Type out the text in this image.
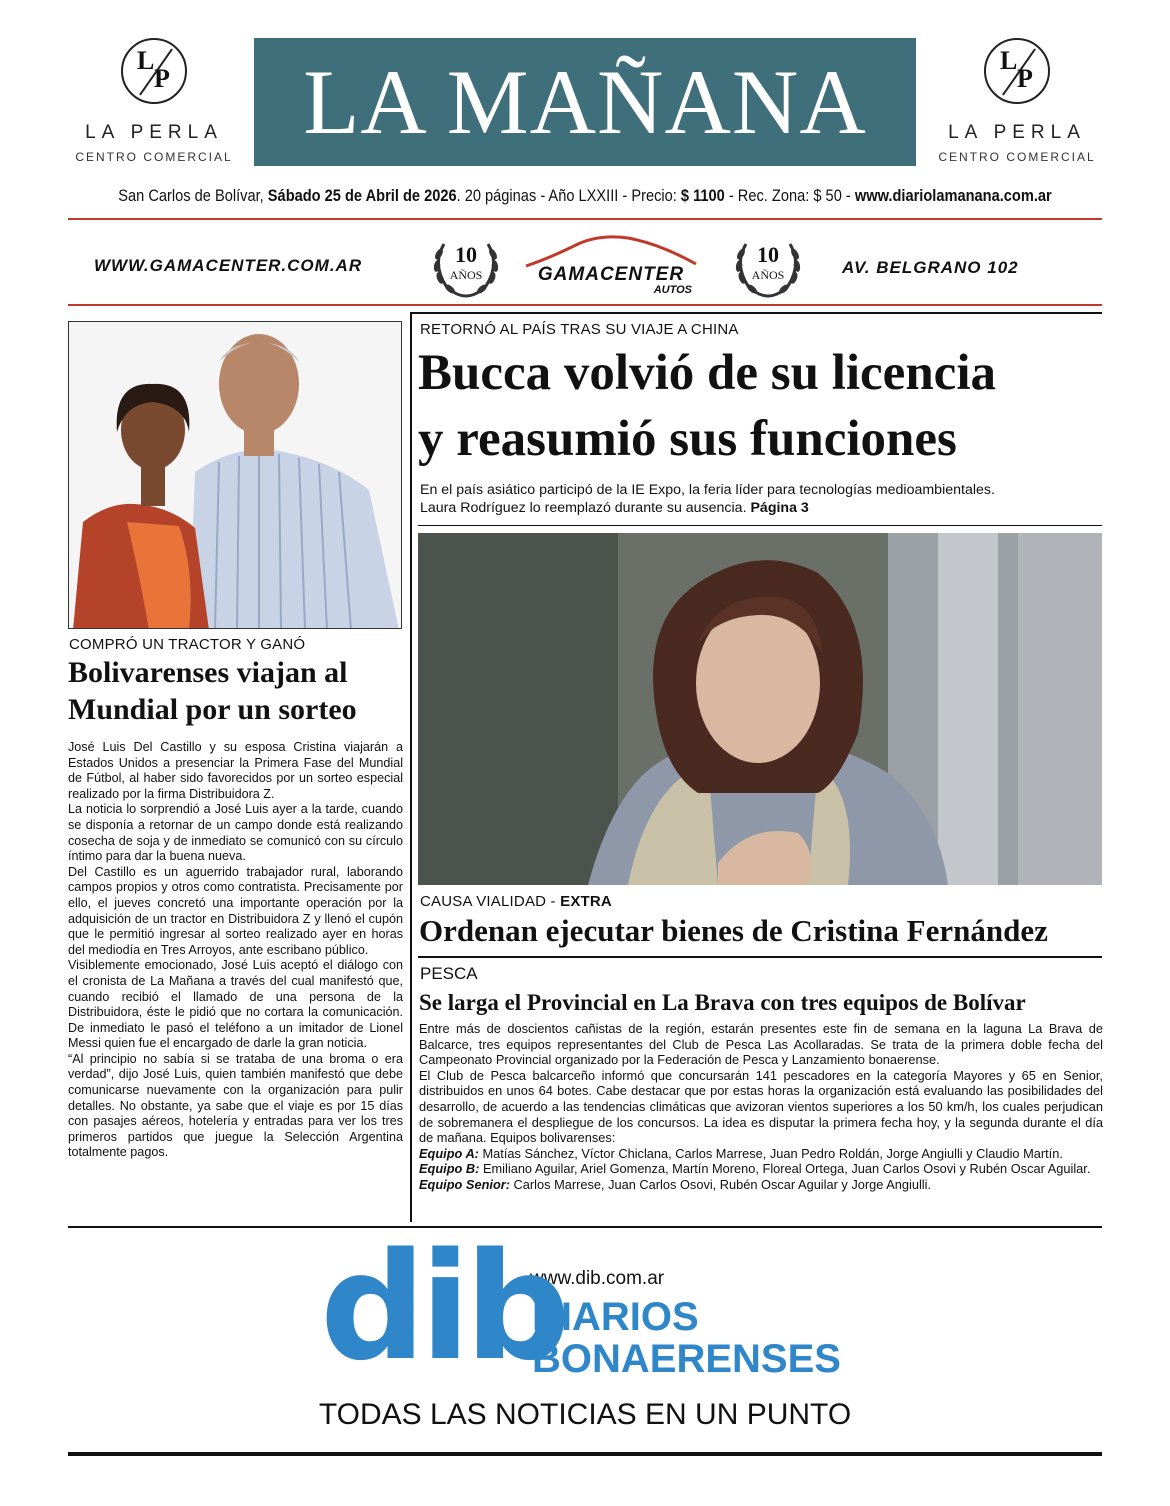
L
P
LA PERLA
CENTRO COMERCIAL
LA MAÑANA	L
P
LA PERLA
CENTRO COMERCIAL
San Carlos de Bolívar, Sábado 25 de Abril de 2026. 20 páginas - Año LXXIII - Precio: $ 1100 - Rec. Zona: $ 50 - www.diariolamanana.com.ar
WWW.GAMACENTER.COM.AR	10
AÑOS	GAMACENTER
AUTOS
10
AÑOS	AV. BELGRANO 102
COMPRÓ UN TRACTOR Y GANÓ
Bolivarenses viajan al
Mundial por un sorteo

José Luis Del Castillo y su esposa Cristina viajarán a Estados Unidos a presenciar la Primera Fase del Mundial de Fútbol, al haber sido favorecidos por un sorteo especial realizado por la firma Distribuidora Z.

La noticia lo sorprendió a José Luis ayer a la tarde, cuando se disponía a retornar de un campo donde está realizando cosecha de soja y de inmediato se comunicó con su círculo íntimo para dar la buena nueva.

Del Castillo es un aguerrido trabajador rural, laborando campos propios y otros como contratista. Precisamente por ello, el jueves concretó una importante operación por la adquisición de un tractor en Distribuidora Z y llenó el cupón que le permitió ingresar al sorteo realizado ayer en horas del mediodía en Tres Arroyos, ante escribano público.

Visiblemente emocionado, José Luis aceptó el diálogo con el cronista de La Mañana a través del cual manifestó que, cuando recibió el llamado de una persona de la Distribuidora, éste le pidió que no cortara la comunicación. De inmediato le pasó el teléfono a un imitador de Lionel Messi quien fue el encargado de darle la gran noticia.

“Al principio no sabía si se trataba de una broma o era verdad”, dijo José Luis, quien también manifestó que debe comunicarse nuevamente con la organización para pulir detalles. No obstante, ya sabe que el viaje es por 15 días con pasajes aéreos, hotelería y entradas para ver los tres primeros partidos que juegue la Selección Argentina totalmente pagos.

RETORNÓ AL PAÍS TRAS SU VIAJE A CHINA
Bucca volvió de su licencia
y reasumió sus funciones
En el país asiático participó de la IE Expo, la feria líder para tecnologías medioambientales.
Laura Rodríguez lo reemplazó durante su ausencia. Página 3
CAUSA VIALIDAD - EXTRA
Ordenan ejecutar bienes de Cristina Fernández
PESCA
Se larga el Provincial en La Brava con tres equipos de Bolívar

Entre más de doscientos cañistas de la región, estarán presentes este fin de semana en la laguna La Brava de Balcarce, tres equipos representantes del Club de Pesca Las Acollaradas. Se trata de la primera doble fecha del Campeonato Provincial organizado por la Federación de Pesca y Lanzamiento bonaerense.

El Club de Pesca balcarceño informó que concursarán 141 pescadores en la categoría Mayores y 65 en Senior, distribuidos en unos 64 botes. Cabe destacar que por estas horas la organización está evaluando las posibilidades del desarrollo, de acuerdo a las tendencias climáticas que avizoran vientos superiores a los 50 km/h, los cuales perjudican de sobremanera el despliegue de los concursos. La idea es disputar la primera fecha hoy, y la segunda durante el día de mañana. Equipos bolivarenses:

Equipo A: Matías Sánchez, Víctor Chiclana, Carlos Marrese, Juan Pedro Roldán, Jorge Angiulli y Claudio Martín.

Equipo B: Emiliano Aguilar, Ariel Gomenza, Martín Moreno, Floreal Ortega, Juan Carlos Osovi y Rubén Oscar Aguilar.

Equipo Senior: Carlos Marrese, Juan Carlos Osovi, Rubén Oscar Aguilar y Jorge Angiulli.

www.dib.com.ar
dib
DIARIOS
BONAERENSES
TODAS LAS NOTICIAS EN UN PUNTO
